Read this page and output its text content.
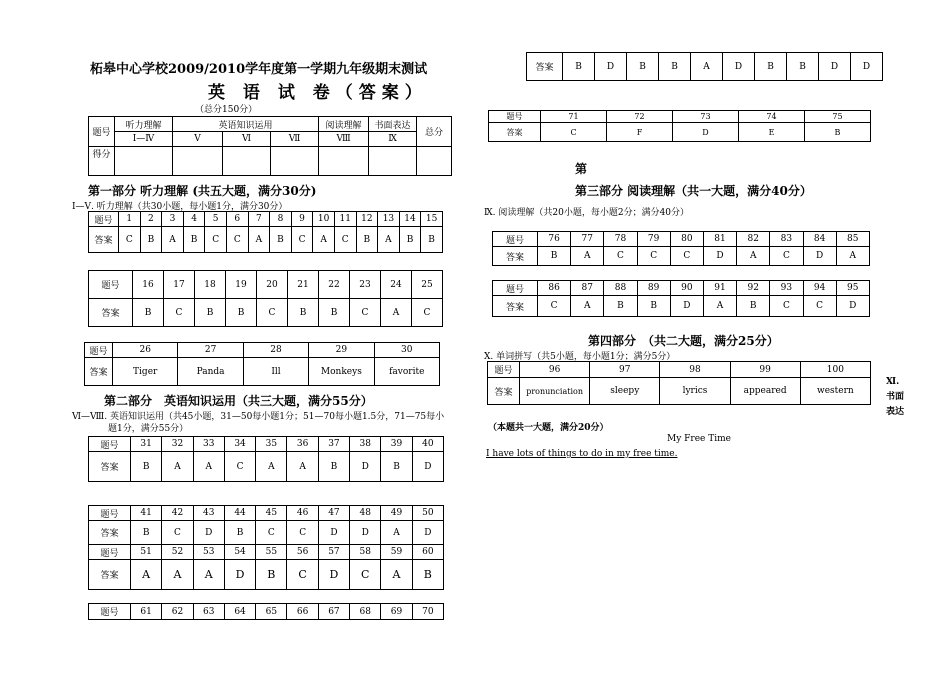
柘皋中心学校2009/2010学年度第一学期九年级期末测试
英 语 试 卷（答案）
（总分150分）
题号	听力理解	英语知识运用			阅读理解	书面表达	总分
	Ⅰ—Ⅳ	Ⅴ	Ⅵ	Ⅶ	Ⅷ	Ⅸ	
得分							
第一部分 听力理解 (共五大题，满分30分)
Ⅰ—Ⅴ. 听力理解（共30小题，每小题1分，满分30分）
题号	1	2	3	4	5	6	7	8	9	10	11	12	13	14	15
答案	C	B	A	B	C	C	A	B	C	A	C	B	A	B	B
题号	16	17	18	19	20	21	22	23	24	25
答案	B	C	B	B	C	B	B	C	A	C
题号	26	27	28	29	30
答案	Tiger	Panda	Ill	Monkeys	favorite
第二部分　英语知识运用（共三大题，满分55分）
Ⅵ—Ⅷ. 英语知识运用（共45小题，31—50每小题1分；51—70每小题1.5分，71—75每小
题1分，满分55分）
题号	31	32	33	34	35	36	37	38	39	40
答案	B	A	A	C	A	A	B	D	B	D
题号	41	42	43	44	45	46	47	48	49	50
答案	B	C	D	B	C	C	D	D	A	D
题号	51	52	53	54	55	56	57	58	59	60
答案	A	A	A	D	B	C	D	C	A	B
题号	61	62	63	64	65	66	67	68	69	70
答案	B	D	B	B	A	D	B	B	D	D
题号	71	72	73	74	75
答案	C	F	D	E	B
第
第三部分 阅读理解（共一大题，满分40分）
Ⅸ. 阅读理解（共20小题，每小题2分；满分40分）
题号	76	77	78	79	80	81	82	83	84	85
答案	B	A	C	C	C	D	A	C	D	A
题号	86	87	88	89	90	91	92	93	94	95
答案	C	A	B	B	D	A	B	C	C	D
第四部分　（共二大题，满分25分）
Ⅹ. 单词拼写（共5小题，每小题1分；满分5分）
题号	96	97	98	99	100
答案	pronunciation	sleepy	lyrics	appeared	western
Ⅺ.
书面
表达
（本题共一大题，满分20分）
My Free Time
I have lots of things to do in my free time.
